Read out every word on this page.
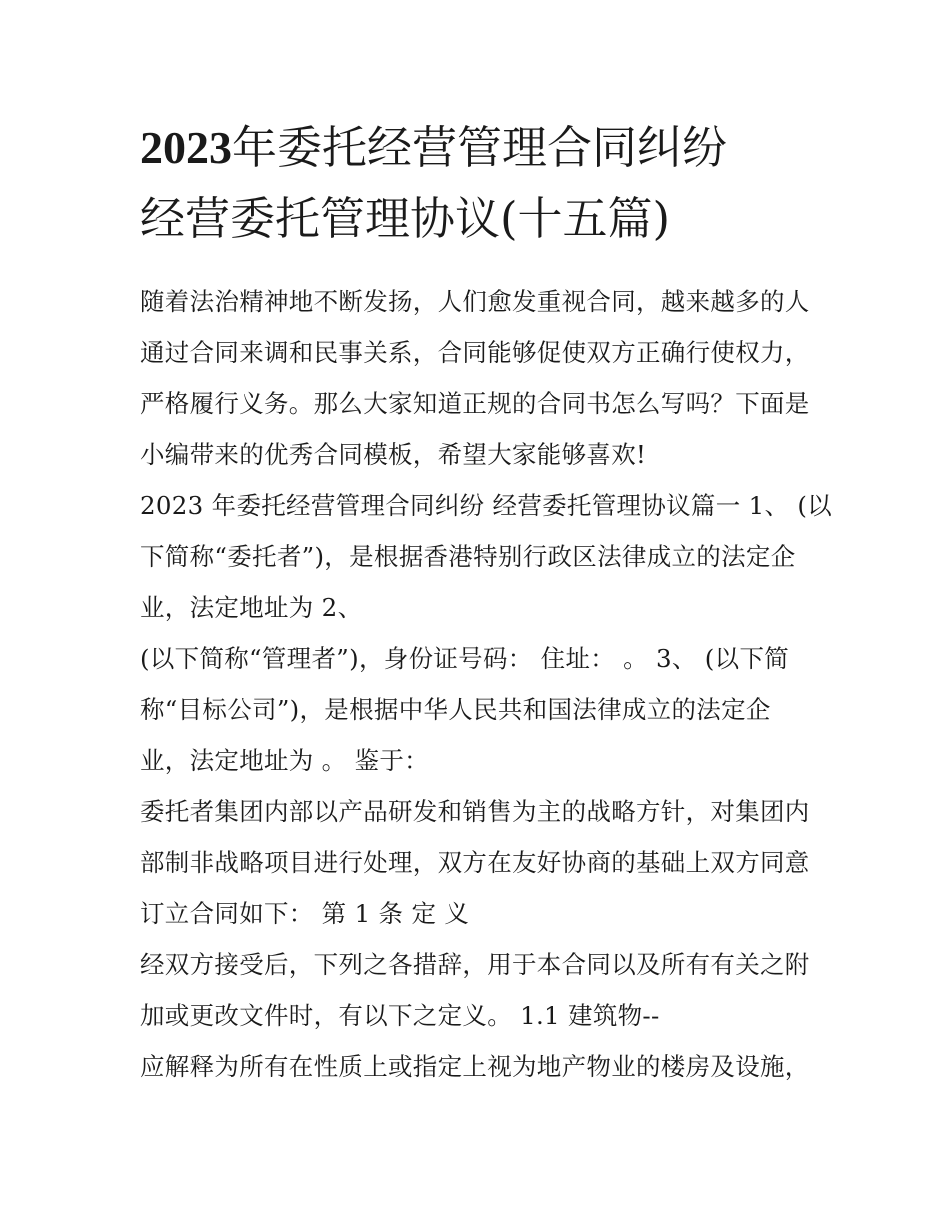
2023年委托经营管理合同纠纷
经营委托管理协议(十五篇)
随着法治精神地不断发扬，人们愈发重视合同，越来越多的人
通过合同来调和民事关系，合同能够促使双方正确行使权力，
严格履行义务。那么大家知道正规的合同书怎么写吗？下面是
小编带来的优秀合同模板，希望大家能够喜欢!
2023 年委托经营管理合同纠纷 经营委托管理协议篇一 1、 (以
下简称“委托者”)，是根据香港特别行政区法律成立的法定企
业，法定地址为 2、
(以下简称“管理者”)，身份证号码： 住址： 。 3、 (以下简
称“目标公司”)，是根据中华人民共和国法律成立的法定企
业，法定地址为 。 鉴于：
委托者集团内部以产品研发和销售为主的战略方针，对集团内
部制非战略项目进行处理，双方在友好协商的基础上双方同意
订立合同如下： 第 1 条 定 义
经双方接受后，下列之各措辞，用于本合同以及所有有关之附
加或更改文件时，有以下之定义。 1.1 建筑物--
应解释为所有在性质上或指定上视为地产物业的楼房及设施，
